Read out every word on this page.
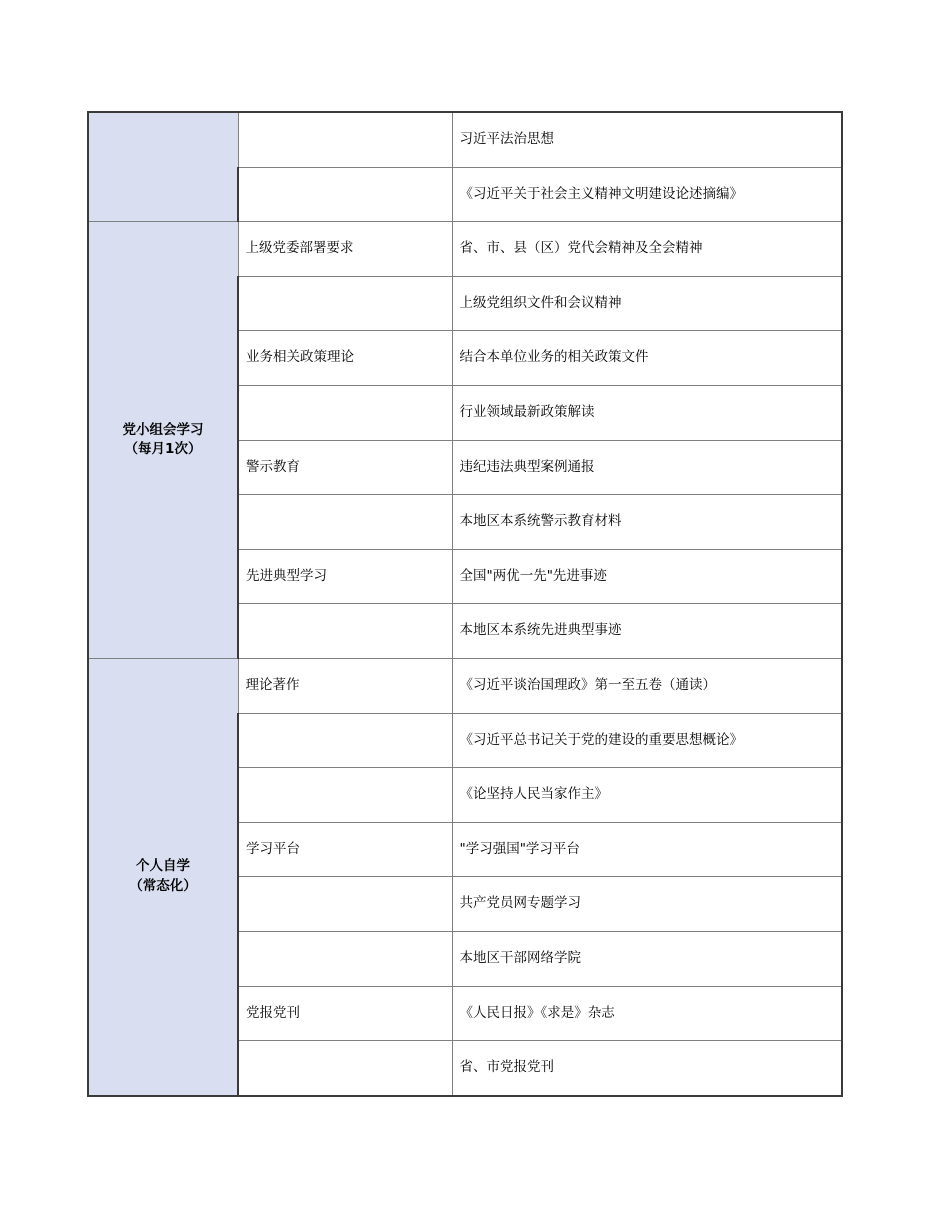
		习近平法治思想
		《习近平关于社会主义精神文明建设论述摘编》

党小组会学习
（每月1次）	上级党委部署要求	省、市、县（区）党代会精神及全会精神
		上级党组织文件和会议精神
	业务相关政策理论	结合本单位业务的相关政策文件
		行业领域最新政策解读
	警示教育	违纪违法典型案例通报
		本地区本系统警示教育材料
	先进典型学习	全国"两优一先"先进事迹
		本地区本系统先进典型事迹

个人自学
（常态化）	理论著作	《习近平谈治国理政》第一至五卷（通读）
		《习近平总书记关于党的建设的重要思想概论》
		《论坚持人民当家作主》
	学习平台	"学习强国"学习平台
		共产党员网专题学习
		本地区干部网络学院
	党报党刊	《人民日报》《求是》杂志
		省、市党报党刊
